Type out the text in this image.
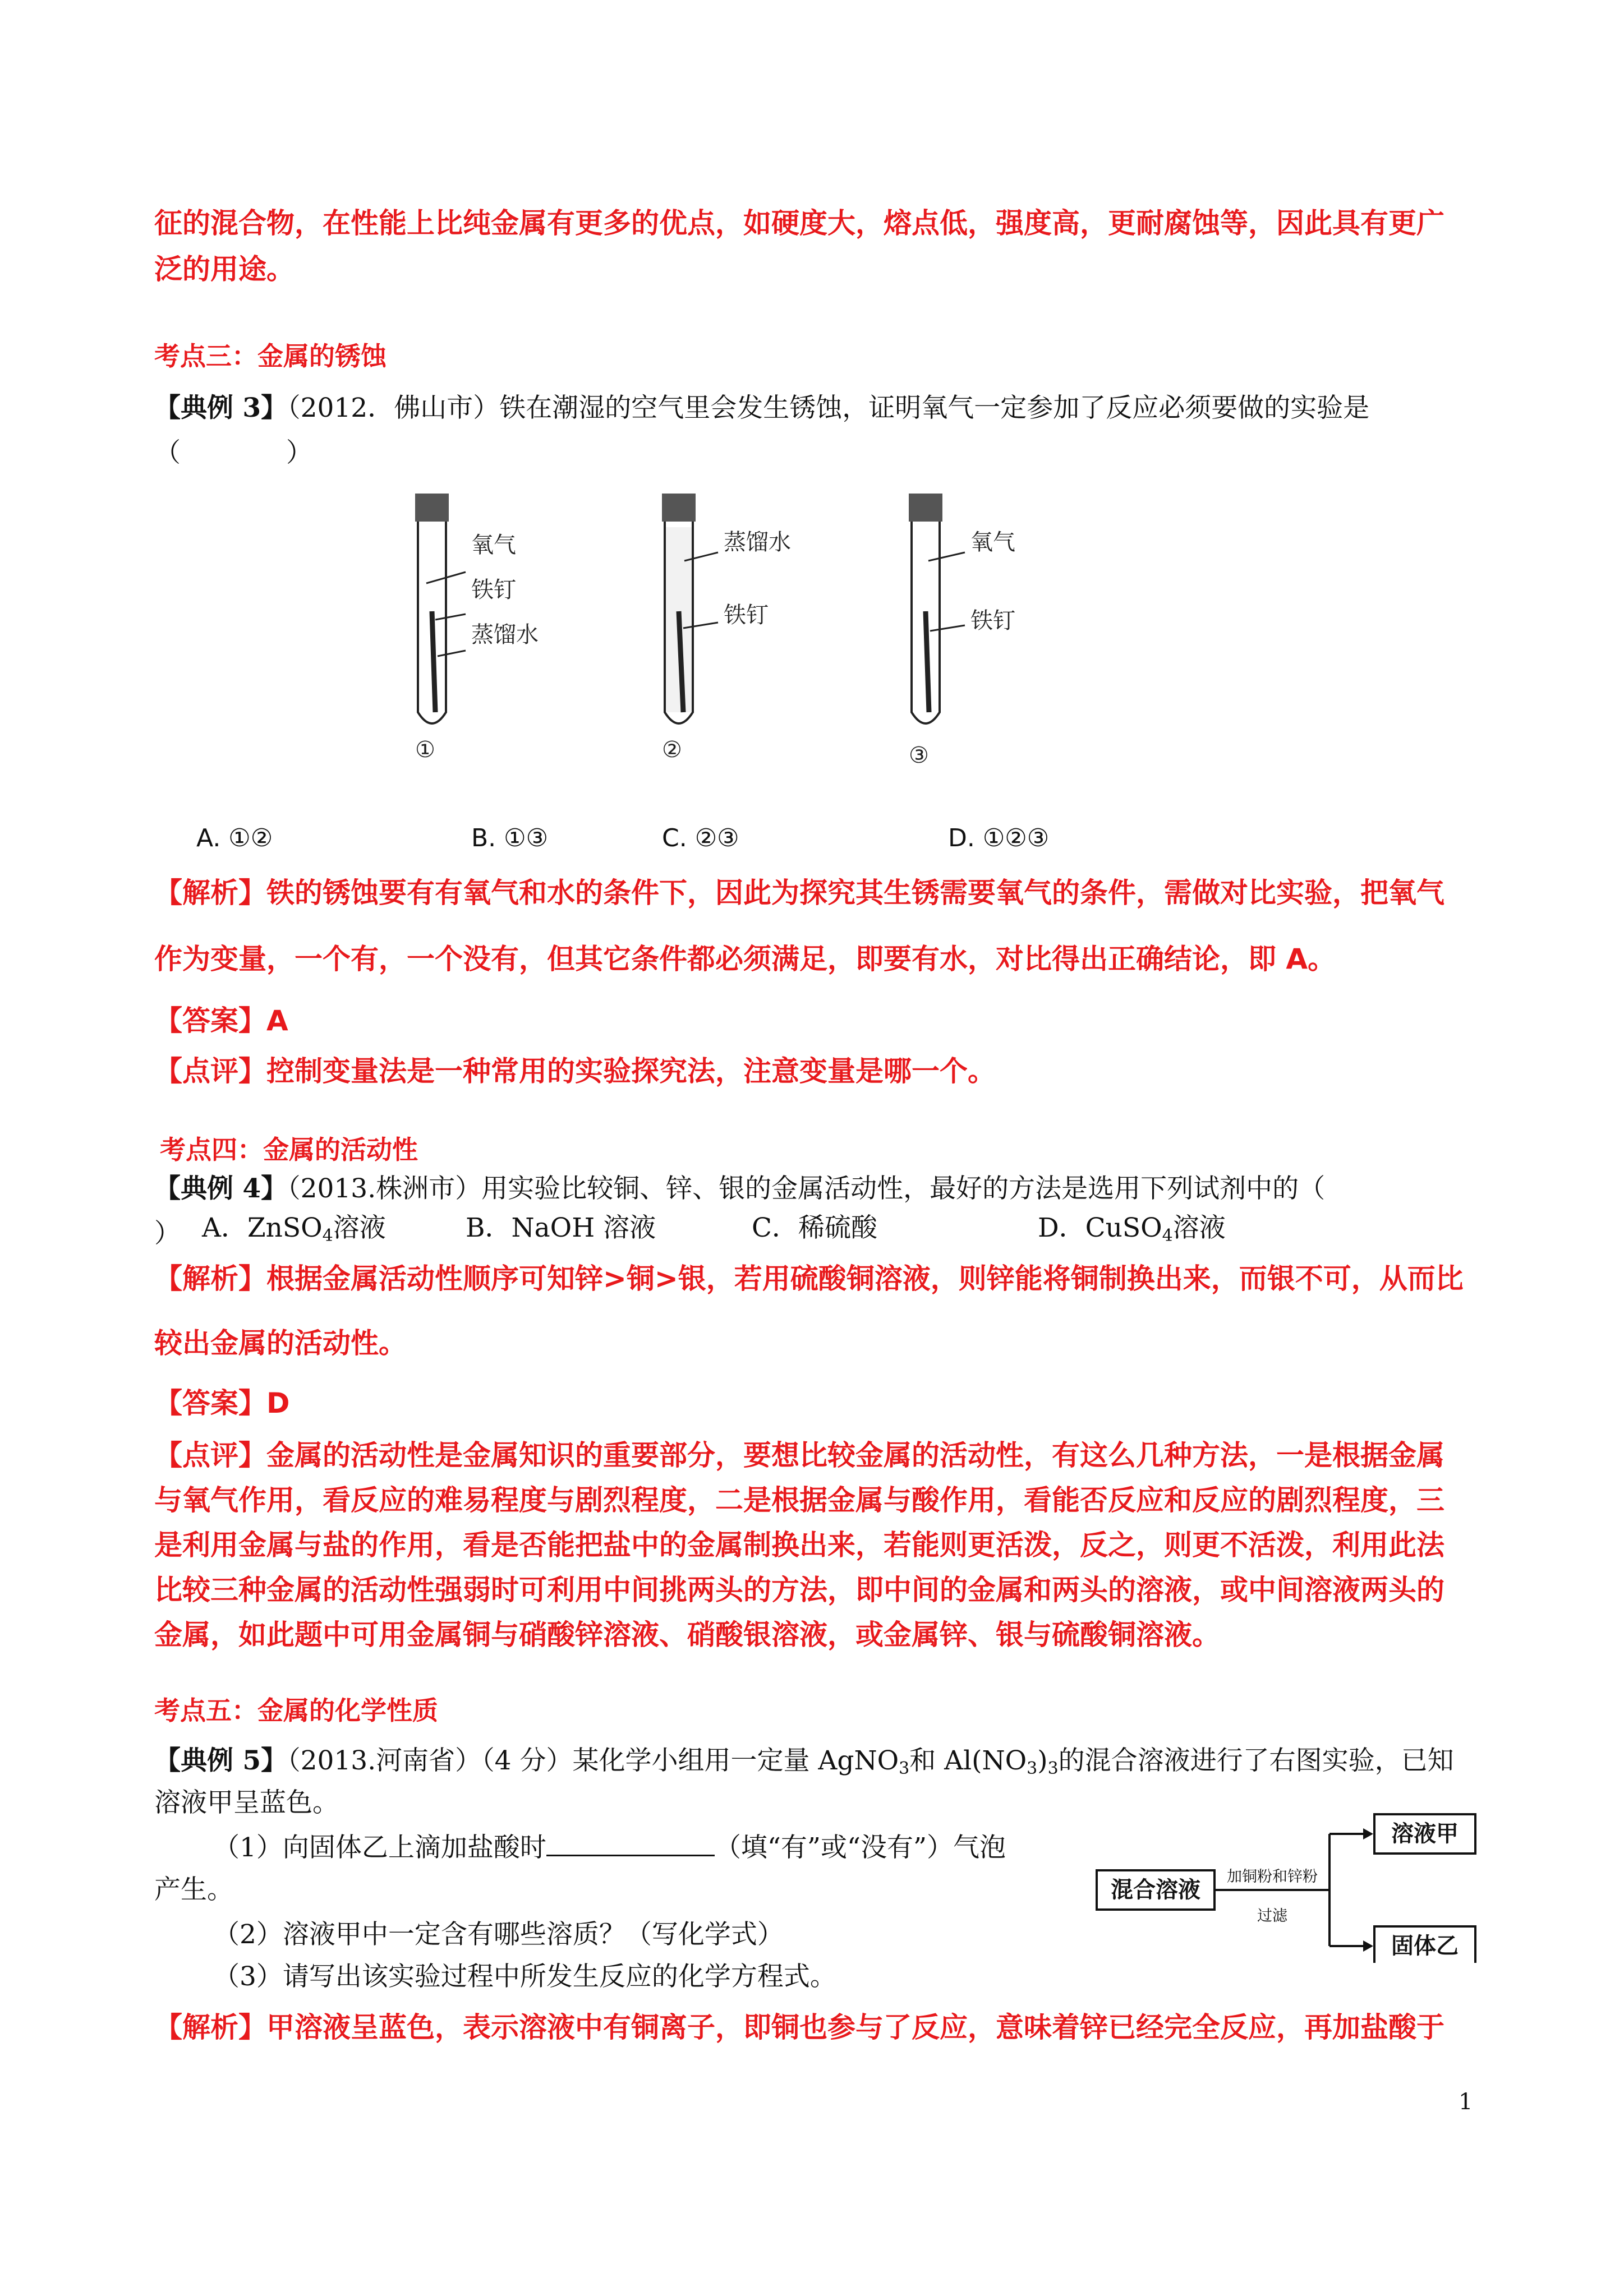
征的混合物，在性能上比纯金属有更多的优点，如硬度大，熔点低，强度高，更耐腐蚀等，因此具有更广
泛的用途。
考点三：金属的锈蚀
【典例 3】（2012．佛山市）铁在潮湿的空气里会发生锈蚀，证明氧气一定参加了反应必须要做的实验是
（　　　　）
氧气
铁钉
蒸馏水
①
蒸馏水
铁钉
②
氧气
铁钉
③
A. ①②	B. ①③	C. ②③	D. ①②③
【解析】铁的锈蚀要有有氧气和水的条件下，因此为探究其生锈需要氧气的条件，需做对比实验，把氧气
作为变量，一个有，一个没有，但其它条件都必须满足，即要有水，对比得出正确结论，即 A。
【答案】A
【点评】控制变量法是一种常用的实验探究法，注意变量是哪一个。
考点四：金属的活动性
【典例 4】（2013.株洲市）用实验比较铜、锌、银的金属活动性，最好的方法是选用下列试剂中的（） A．ZnSO$_4$溶液	B．NaOH 溶液	C．稀硫酸	D．CuSO$_4$溶液
【解析】根据金属活动性顺序可知锌>铜>银，若用硫酸铜溶液，则锌能将铜制换出来，而银不可，从而比
较出金属的活动性。
【答案】D
【点评】金属的活动性是金属知识的重要部分，要想比较金属的活动性，有这么几种方法，一是根据金属
与氧气作用，看反应的难易程度与剧烈程度，二是根据金属与酸作用，看能否反应和反应的剧烈程度，三
是利用金属与盐的作用，看是否能把盐中的金属制换出来，若能则更活泼，反之，则更不活泼，利用此法
比较三种金属的活动性强弱时可利用中间挑两头的方法，即中间的金属和两头的溶液，或中间溶液两头的
金属，如此题中可用金属铜与硝酸锌溶液、硝酸银溶液，或金属锌、银与硫酸铜溶液。
考点五：金属的化学性质
【典例 5】（2013.河南省）（4 分）某化学小组用一定量 AgNO$_3$和 $Al(NO_3)_3$的混合溶液进行了右图实验，已知
溶液甲呈蓝色。
（1）向固体乙上滴加盐酸时	（填“有”或“没有”）气泡
产生。
（2）溶液甲中一定含有哪些溶质？（写化学式）
（3）请写出该实验过程中所发生反应的化学方程式。
混合溶液
加铜粉和锌粉
过滤
溶液甲
固体乙
【解析】甲溶液呈蓝色，表示溶液中有铜离子，即铜也参与了反应，意味着锌已经完全反应，再加盐酸于
1
